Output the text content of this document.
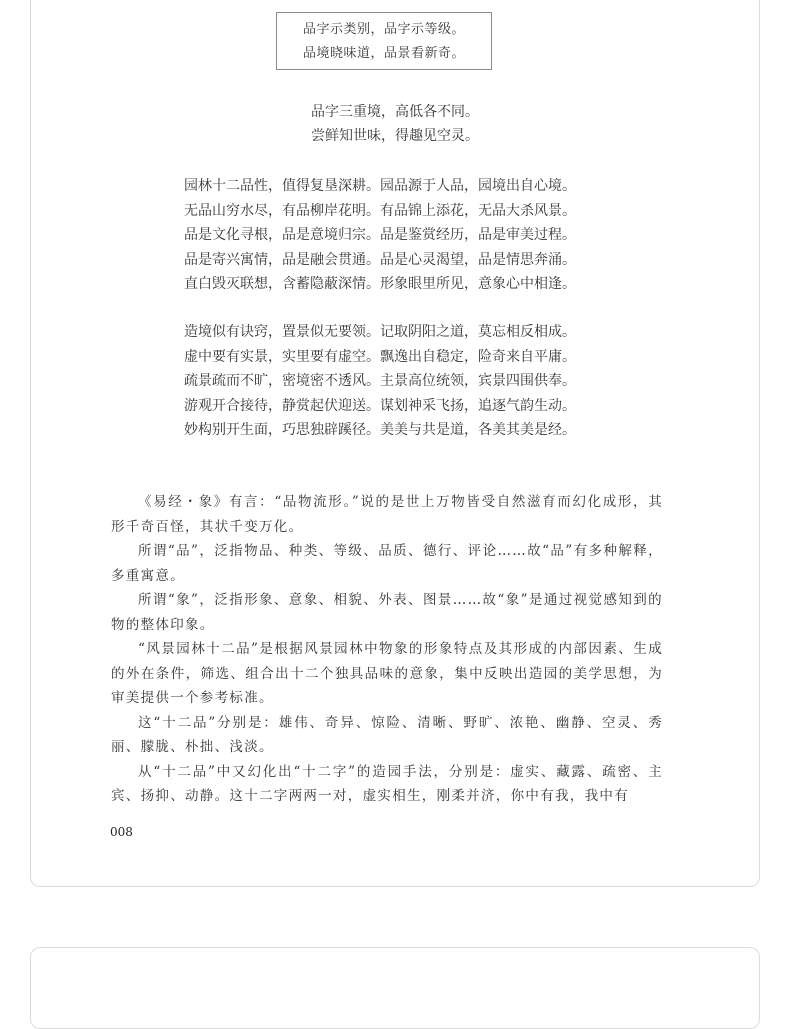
品字示类别，品字示等级。
品境晓味道，品景看新奇。
品字三重境，高低各不同。
尝鲜知世味，得趣见空灵。
园林十二品性，值得复垦深耕。园品源于人品，园境出自心境。
无品山穷水尽，有品柳岸花明。有品锦上添花，无品大杀风景。
品是文化寻根，品是意境归宗。品是鉴赏经历，品是审美过程。
品是寄兴寓情，品是融会贯通。品是心灵渴望，品是情思奔涌。
直白毁灭联想，含蓄隐蔽深情。形象眼里所见，意象心中相逢。
造境似有诀窍，置景似无要领。记取阴阳之道，莫忘相反相成。
虚中要有实景，实里要有虚空。飘逸出自稳定，险奇来自平庸。
疏景疏而不旷，密境密不透风。主景高位统领，宾景四围供奉。
游观开合接待，静赏起伏迎送。谋划神采飞扬，追逐气韵生动。
妙构别开生面，巧思独辟蹊径。美美与共是道，各美其美是经。

《易经・象》有言：“品物流形。”说的是世上万物皆受自然滋育而幻化成形，其形千奇百怪，其状千变万化。

所谓“品”，泛指物品、种类、等级、品质、德行、评论……故“品”有多种解释，多重寓意。

所谓“象”，泛指形象、意象、相貌、外表、图景……故“象”是通过视觉感知到的物的整体印象。

“风景园林十二品”是根据风景园林中物象的形象特点及其形成的内部因素、生成的外在条件，筛选、组合出十二个独具品味的意象，集中反映出造园的美学思想，为审美提供一个参考标准。

这“十二品”分别是：雄伟、奇异、惊险、清晰、野旷、浓艳、幽静、空灵、秀丽、朦胧、朴拙、浅淡。

从“十二品”中又幻化出“十二字”的造园手法，分别是：虚实、藏露、疏密、主宾、扬抑、动静。这十二字两两一对，虚实相生，刚柔并济，你中有我，我中有

008
